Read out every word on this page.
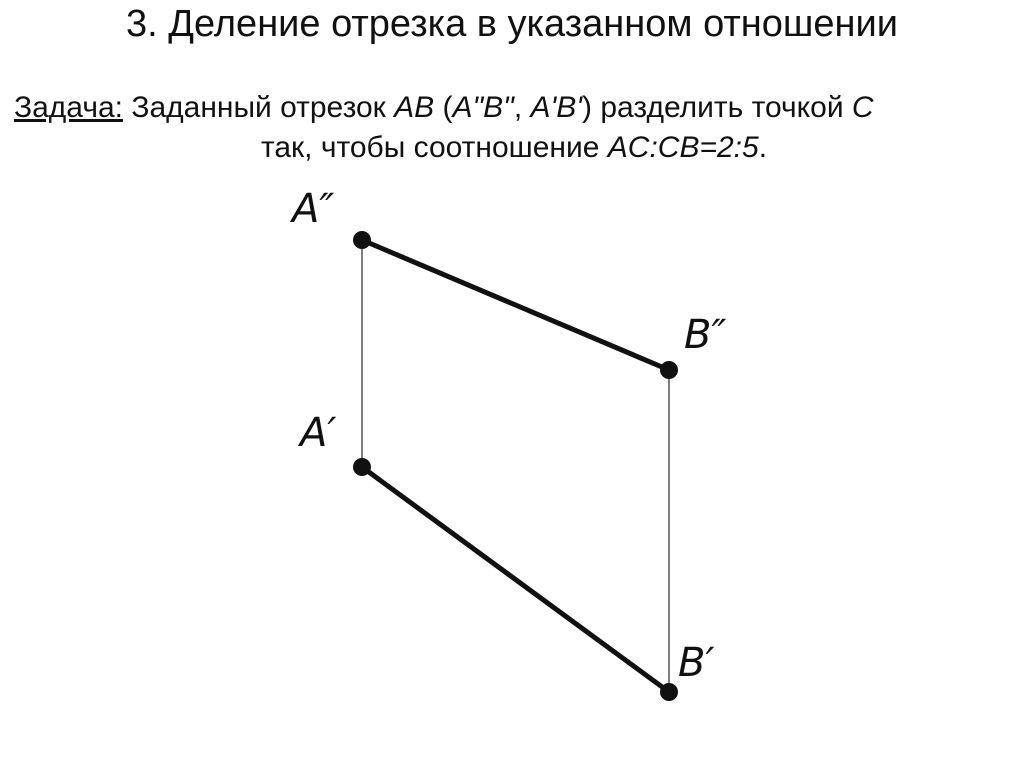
3. Деление отрезка в указанном отношении
Задача: Заданный отрезок AB (A"B", A'B') разделить точкой C
так, чтобы соотношение AC:CB=2:5.
A″
B″
A′
B′
